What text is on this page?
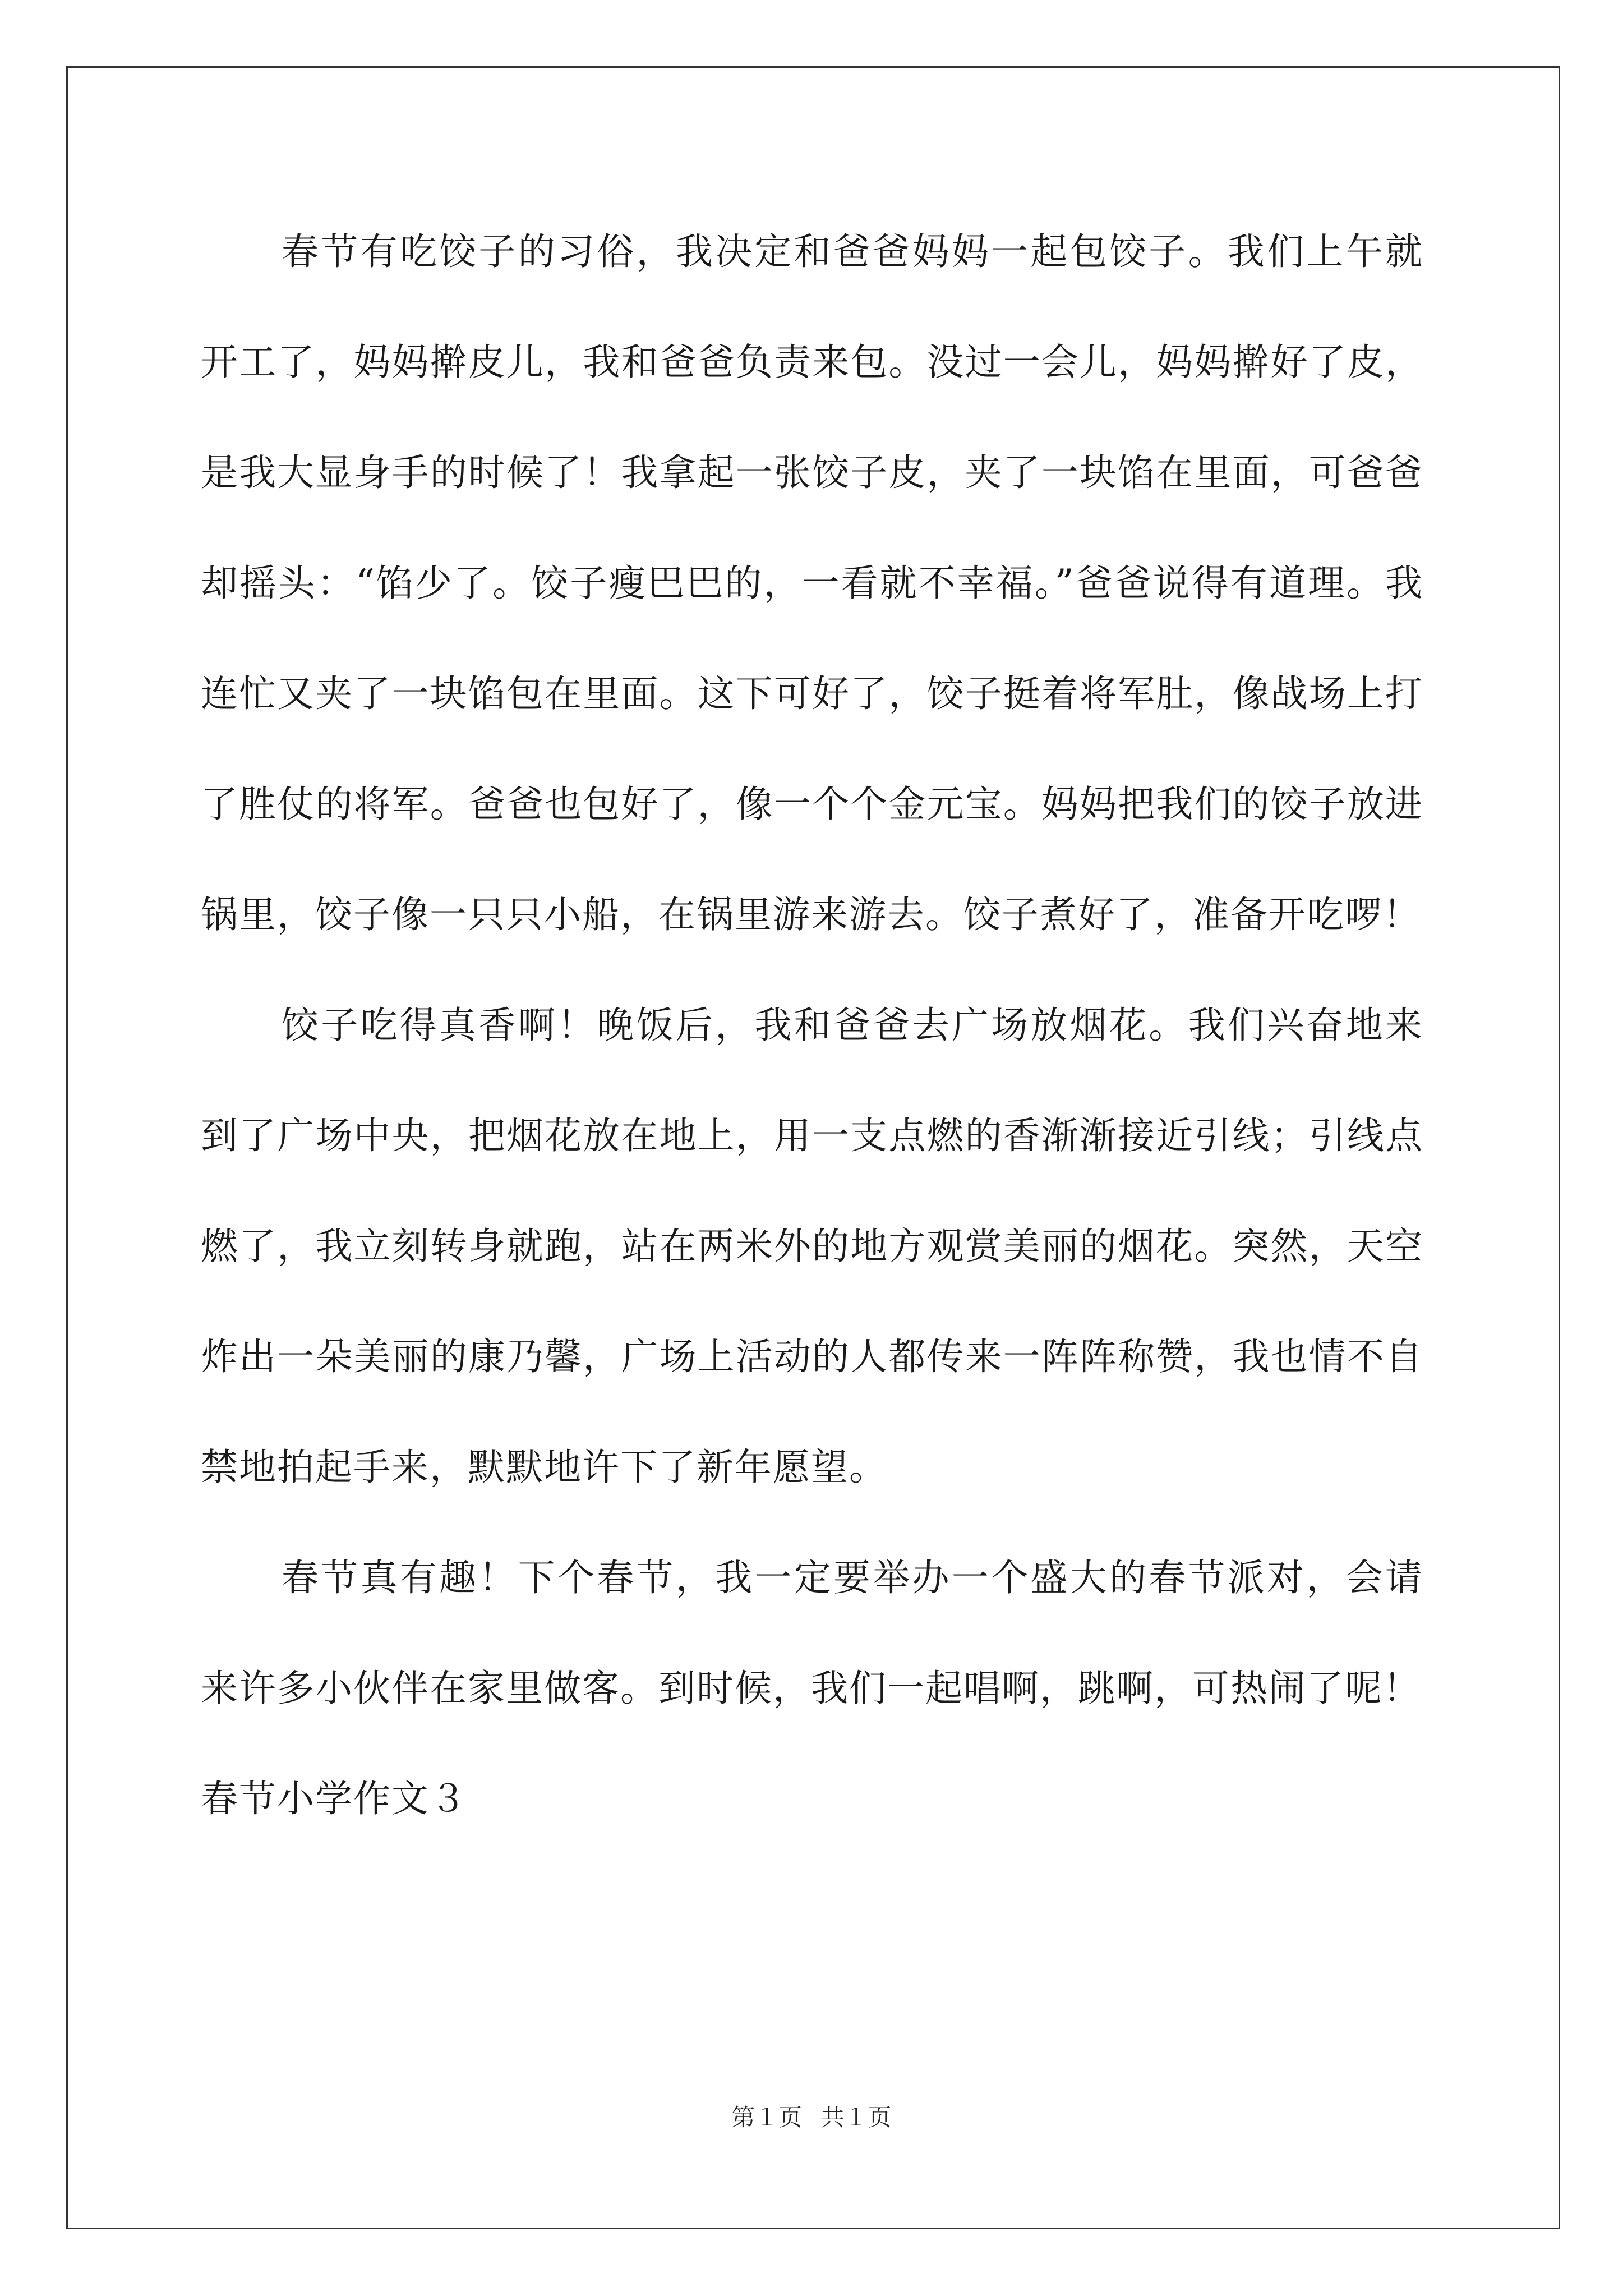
春节有吃饺子的习俗，我决定和爸爸妈妈一起包饺子。我们上午就开工了，妈妈擀皮儿，我和爸爸负责来包。没过一会儿，妈妈擀好了皮，是我大显身手的时候了！我拿起一张饺子皮，夹了一块馅在里面，可爸爸却摇头：“馅少了。饺子瘦巴巴的，一看就不幸福。”爸爸说得有道理。我连忙又夹了一块馅包在里面。这下可好了，饺子挺着将军肚，像战场上打了胜仗的将军。爸爸也包好了，像一个个金元宝。妈妈把我们的饺子放进锅里，饺子像一只只小船，在锅里游来游去。饺子煮好了，准备开吃啰！

饺子吃得真香啊！晚饭后，我和爸爸去广场放烟花。我们兴奋地来到了广场中央，把烟花放在地上，用一支点燃的香渐渐接近引线；引线点燃了，我立刻转身就跑，站在两米外的地方观赏美丽的烟花。突然，天空炸出一朵美丽的康乃馨，广场上活动的人都传来一阵阵称赞，我也情不自禁地拍起手来，默默地许下了新年愿望。

春节真有趣！下个春节，我一定要举办一个盛大的春节派对，会请来许多小伙伴在家里做客。到时候，我们一起唱啊，跳啊，可热闹了呢！

春节小学作文３

第１页 共１页
